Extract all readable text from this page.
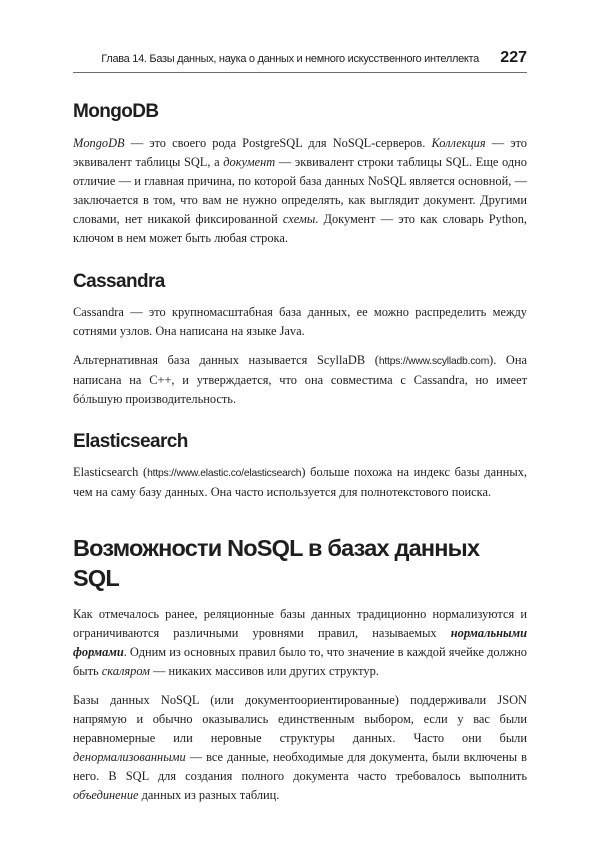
Глава 14. Базы данных, наука о данных и немного искусственного интеллекта 227
MongoDB

MongoDB — это своего рода PostgreSQL для NoSQL-серверов. Коллекция — это эквивалент таблицы SQL, а документ — эквивалент строки таблицы SQL. Еще одно отличие — и главная причина, по которой база данных NoSQL является основной, — заключается в том, что вам не нужно определять, как выглядит документ. Другими словами, нет никакой фиксированной схемы. Документ — это как словарь Python, ключом в нем может быть любая строка.

Cassandra

Cassandra — это крупномасштабная база данных, ее можно распределить между сотнями узлов. Она написана на языке Java.

Альтернативная база данных называется ScyllaDB (https://www.scylladb.com). Она написана на C++, и утверждается, что она совместима с Cassandra, но имеет бóльшую производительность.

Elasticsearch

Elasticsearch (https://www.elastic.co/elasticsearch) больше похожа на индекс базы данных, чем на саму базу данных. Она часто используется для полнотекстового поиска.

Возможности NoSQL в базах данных SQL

Как отмечалось ранее, реляционные базы данных традиционно нормализуются и ограничиваются различными уровнями правил, называемых нормальными формами. Одним из основных правил было то, что значение в каждой ячейке должно быть скаляром — никаких массивов или других структур.

Базы данных NoSQL (или документоориентированные) поддерживали JSON напрямую и обычно оказывались единственным выбором, если у вас были неравномерные или неровные структуры данных. Часто они были денормализованными — все данные, необходимые для документа, были включены в него. В SQL для создания полного документа часто требовалось выполнить объединение данных из разных таблиц.
